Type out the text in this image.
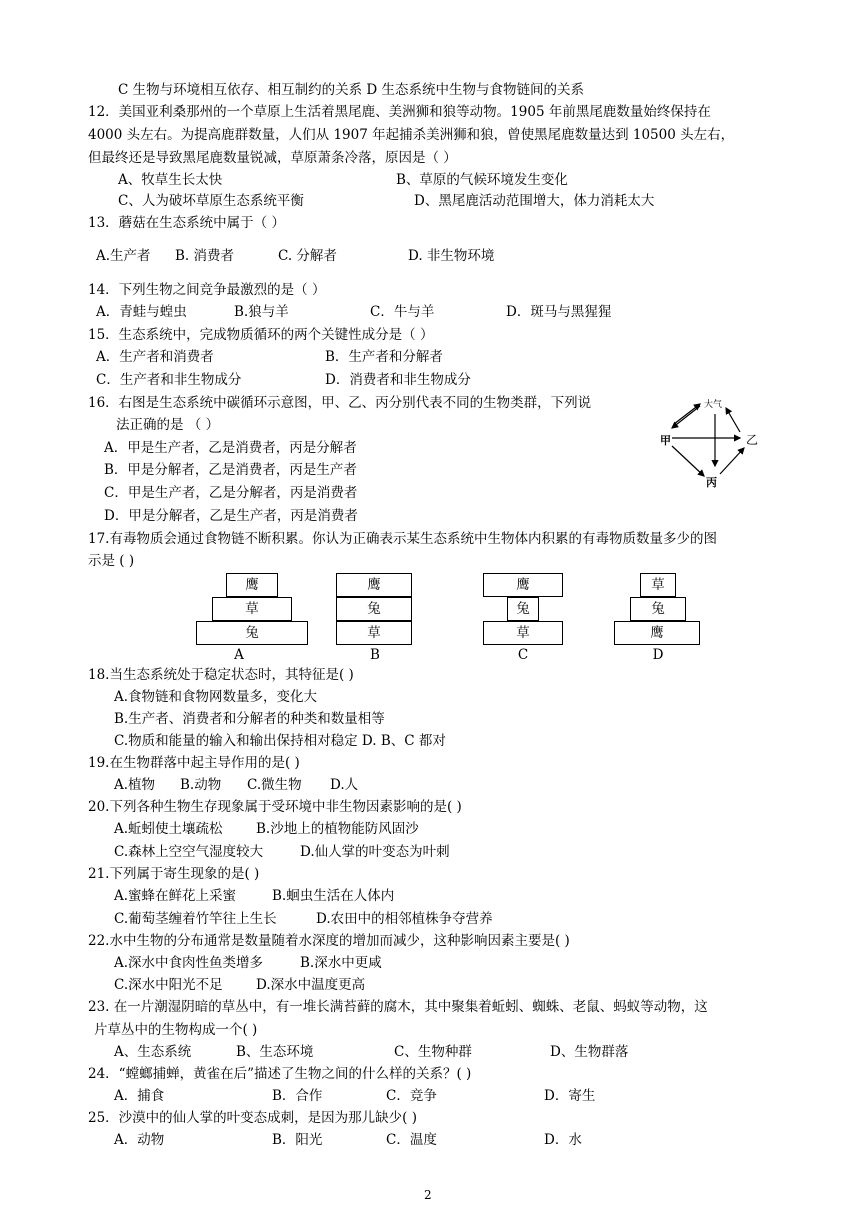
C 生物与环境相互依存、相互制约的关系 D 生态系统中生物与食物链间的关系
12．美国亚利桑那州的一个草原上生活着黑尾鹿、美洲狮和狼等动物。1905 年前黑尾鹿数量始终保持在
4000 头左右。为提高鹿群数量，人们从 1907 年起捕杀美洲狮和狼，曾使黑尾鹿数量达到 10500 头左右，
但最终还是导致黑尾鹿数量锐减，草原萧条冷落，原因是（ ）
A、牧草生长太快	B、草原的气候环境发生变化
C、人为破坏草原生态系统平衡	D、黑尾鹿活动范围增大，体力消耗太大
13．蘑菇在生态系统中属于（ ）
A.生产者 B. 消费者	C. 分解者	D. 非生物环境
14．下列生物之间竞争最激烈的是（ ）
A．青蛙与蝗虫	B.狼与羊	C．牛与羊	D．斑马与黑猩猩
15．生态系统中，完成物质循环的两个关键性成分是（ ）
A．生产者和消费者	B．生产者和分解者
C．生产者和非生物成分	D．消费者和非生物成分
16．右图是生态系统中碳循环示意图，甲、乙、丙分别代表不同的生物类群，下列说
法正确的是 （ ）
A．甲是生产者，乙是消费者，丙是分解者
B．甲是分解者，乙是消费者，丙是生产者
C．甲是生产者，乙是分解者，丙是消费者
D．甲是分解者，乙是生产者，丙是消费者
大气
甲	乙
丙
17.有毒物质会通过食物链不断积累。你认为正确表示某生态系统中生物体内积累的有毒物质数量多少的图
示是 ( )
鹰
草
兔
A
鹰
兔
草
B
鹰
兔
草
C
草
兔
鹰
D
18.当生态系统处于稳定状态时，其特征是( )
A.食物链和食物网数量多，变化大
B.生产者、消费者和分解者的种类和数量相等
C.物质和能量的输入和输出保持相对稳定 D. B、C 都对
19.在生物群落中起主导作用的是( )
A.植物 B.动物 C.微生物 D.人
20.下列各种生物生存现象属于受环境中非生物因素影响的是( )
A.蚯蚓使土壤疏松 B.沙地上的植物能防风固沙
C.森林上空空气湿度较大	D.仙人掌的叶变态为叶刺
21.下列属于寄生现象的是( )
A.蜜蜂在鲜花上采蜜	B.蛔虫生活在人体内
C.葡萄茎缠着竹竿往上生长	D.农田中的相邻植株争夺营养
22.水中生物的分布通常是数量随着水深度的增加而减少，这种影响因素主要是( )
A.深水中食肉性鱼类增多	B.深水中更咸
C.深水中阳光不足 D.深水中温度更高
23. 在一片潮湿阴暗的草丛中，有一堆长满苔藓的腐木，其中聚集着蚯蚓、蜘蛛、老鼠、蚂蚁等动物，这
片草丛中的生物构成一个( )
A、生态系统	B、生态环境	C、生物种群	D、生物群落
24．“螳螂捕蝉，黄雀在后”描述了生物之间的什么样的关系？( )
A．捕食	B．合作	C．竞争	D．寄生
25．沙漠中的仙人掌的叶变态成刺，是因为那儿缺少( )
A．动物	B．阳光	C．温度	D．水
2
